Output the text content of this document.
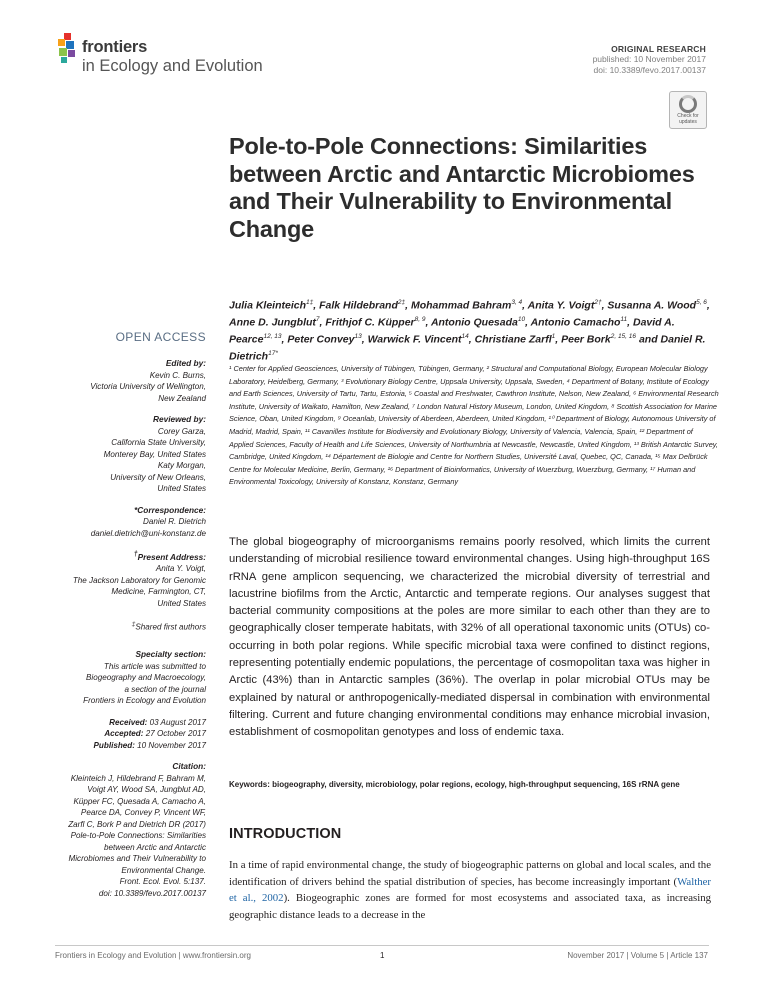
frontiers
in Ecology and Evolution
ORIGINAL RESEARCH
published: 10 November 2017
doi: 10.3389/fevo.2017.00137
Check for updates
Pole-to-Pole Connections: Similarities between Arctic and Antarctic Microbiomes and Their Vulnerability to Environmental Change
Julia Kleinteich$^{1\ddagger}$, Falk Hildebrand$^{2\ddagger}$, Mohammad Bahram$^{3, 4}$, Anita Y. Voigt$^{2\dagger}$, Susanna A. Wood$^{5, 6}$, Anne D. Jungblut$^7$, Frithjof C. Küpper$^{8, 9}$, Antonio Quesada$^{10}$, Antonio Camacho$^{11}$, David A. Pearce$^{12, 13}$, Peter Convey$^{13}$, Warwick F. Vincent$^{14}$, Christiane Zarfl$^1$, Peer Bork$^{2, 15, 16}$ and Daniel R. Dietrich$^{17*}$
¹ Center for Applied Geosciences, University of Tübingen, Tübingen, Germany, ² Structural and Computational Biology, European Molecular Biology Laboratory, Heidelberg, Germany, ³ Evolutionary Biology Centre, Uppsala University, Uppsala, Sweden, ⁴ Department of Botany, Institute of Ecology and Earth Sciences, University of Tartu, Tartu, Estonia, ⁵ Coastal and Freshwater, Cawthron Institute, Nelson, New Zealand, ⁶ Environmental Research Institute, University of Waikato, Hamilton, New Zealand, ⁷ London Natural History Museum, London, United Kingdom, ⁸ Scottish Association for Marine Science, Oban, United Kingdom, ⁹ Oceanlab, University of Aberdeen, Aberdeen, United Kingdom, ¹⁰ Department of Biology, Autonomous University of Madrid, Madrid, Spain, ¹¹ Cavanilles Institute for Biodiversity and Evolutionary Biology, University of Valencia, Valencia, Spain, ¹² Department of Applied Sciences, Faculty of Health and Life Sciences, University of Northumbria at Newcastle, Newcastle, United Kingdom, ¹³ British Antarctic Survey, Cambridge, United Kingdom, ¹⁴ Département de Biologie and Centre for Northern Studies, Université Laval, Quebec, QC, Canada, ¹⁵ Max Delbrück Centre for Molecular Medicine, Berlin, Germany, ¹⁶ Department of Bioinformatics, University of Wuerzburg, Wuerzburg, Germany, ¹⁷ Human and Environmental Toxicology, University of Konstanz, Konstanz, Germany
OPEN ACCESS
Edited by:
Kevin C. Burns,
Victoria University of Wellington,
New Zealand
Reviewed by:
Corey Garza,
California State University,
Monterey Bay, United States
Katy Morgan,
University of New Orleans,
United States
*Correspondence:
Daniel R. Dietrich
daniel.dietrich@uni-konstanz.de
†Present Address:
Anita Y. Voigt,
The Jackson Laboratory for Genomic
Medicine, Farmington, CT,
United States
‡Shared first authors
Specialty section:
This article was submitted to
Biogeography and Macroecology,
a section of the journal
Frontiers in Ecology and Evolution
Received: 03 August 2017
Accepted: 27 October 2017
Published: 10 November 2017
Citation:
Kleinteich J, Hildebrand F, Bahram M,
Voigt AY, Wood SA, Jungblut AD,
Küpper FC, Quesada A, Camacho A,
Pearce DA, Convey P, Vincent WF,
Zarfl C, Bork P and Dietrich DR (2017)
Pole-to-Pole Connections: Similarities
between Arctic and Antarctic
Microbiomes and Their Vulnerability to
Environmental Change.
Front. Ecol. Evol. 5:137.
doi: 10.3389/fevo.2017.00137

The global biogeography of microorganisms remains poorly resolved, which limits the current understanding of microbial resilience toward environmental changes. Using high-throughput 16S rRNA gene amplicon sequencing, we characterized the microbial diversity of terrestrial and lacustrine biofilms from the Arctic, Antarctic and temperate regions. Our analyses suggest that bacterial community compositions at the poles are more similar to each other than they are to geographically closer temperate habitats, with 32% of all operational taxonomic units (OTUs) co-occurring in both polar regions. While specific microbial taxa were confined to distinct regions, representing potentially endemic populations, the percentage of cosmopolitan taxa was higher in Arctic (43%) than in Antarctic samples (36%). The overlap in polar microbial OTUs may be explained by natural or anthropogenically-mediated dispersal in combination with environmental filtering. Current and future changing environmental conditions may enhance microbial invasion, establishment of cosmopolitan genotypes and loss of endemic taxa.

Keywords: biogeography, diversity, microbiology, polar regions, ecology, high-throughput sequencing, 16S rRNA gene

INTRODUCTION

In a time of rapid environmental change, the study of biogeographic patterns on global and local scales, and the identification of drivers behind the spatial distribution of species, has become increasingly important (Walther et al., 2002). Biogeographic zones are formed for most ecosystems and associated taxa, as increasing geographic distance leads to a decrease in the

Frontiers in Ecology and Evolution | www.frontiersin.org	1	November 2017 | Volume 5 | Article 137
